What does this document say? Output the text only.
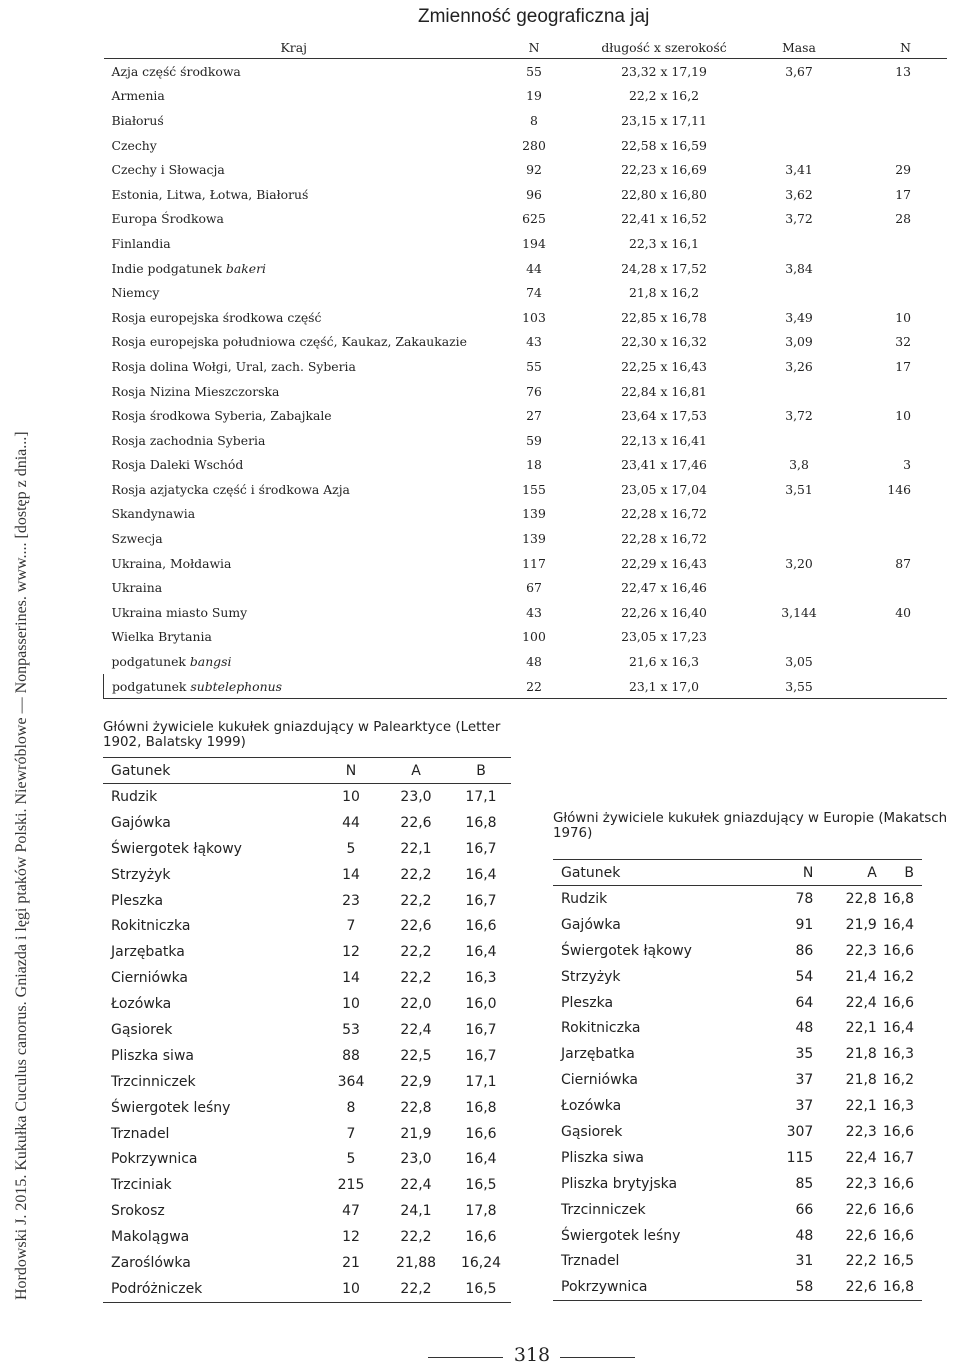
Hordowski J. 2015. Kukułka Cuculus canorus. Gniazda i lęgi ptaków Polski. Niewróblowe — Nonpasserines. www.... [dostęp z dnia...]
Zmienność geograficzna jaj
Kraj	N	długość x szerokość	Masa	N
Azja część środkowa	55	23,32 x 17,19	3,67	13
Armenia	19	22,2 x 16,2		
Białoruś	8	23,15 x 17,11		
Czechy	280	22,58 x 16,59		
Czechy i Słowacja	92	22,23 x 16,69	3,41	29
Estonia, Litwa, Łotwa, Białoruś	96	22,80 x 16,80	3,62	17
Europa Środkowa	625	22,41 x 16,52	3,72	28
Finlandia	194	22,3 x 16,1		
Indie podgatunek bakeri	44	24,28 x 17,52	3,84	
Niemcy	74	21,8 x 16,2		
Rosja europejska środkowa część	103	22,85 x 16,78	3,49	10
Rosja europejska południowa część, Kaukaz, Zakaukazie	43	22,30 x 16,32	3,09	32
Rosja dolina Wołgi, Ural, zach. Syberia	55	22,25 x 16,43	3,26	17
Rosja Nizina Mieszczorska	76	22,84 x 16,81		
Rosja środkowa Syberia, Zabajkale	27	23,64 x 17,53	3,72	10
Rosja zachodnia Syberia	59	22,13 x 16,41		
Rosja Daleki Wschód	18	23,41 x 17,46	3,8	3
Rosja azjatycka część i środkowa Azja	155	23,05 x 17,04	3,51	146
Skandynawia	139	22,28 x 16,72		
Szwecja	139	22,28 x 16,72		
Ukraina, Mołdawia	117	22,29 x 16,43	3,20	87
Ukraina	67	22,47 x 16,46		
Ukraina miasto Sumy	43	22,26 x 16,40	3,144	40
Wielka Brytania	100	23,05 x 17,23		
podgatunek bangsi	48	21,6 x 16,3	3,05	
podgatunek subtelephonus	22	23,1 x 17,0	3,55	
Główni żywiciele kukułek gniazdujący w Palearktyce (Letter 1902, Balatsky 1999)
Gatunek	N	A	B
Rudzik	10	23,0	17,1
Gajówka	44	22,6	16,8
Świergotek łąkowy	5	22,1	16,7
Strzyżyk	14	22,2	16,4
Pleszka	23	22,2	16,7
Rokitniczka	7	22,6	16,6
Jarzębatka	12	22,2	16,4
Cierniówka	14	22,2	16,3
Łozówka	10	22,0	16,0
Gąsiorek	53	22,4	16,7
Pliszka siwa	88	22,5	16,7
Trzcinniczek	364	22,9	17,1
Świergotek leśny	8	22,8	16,8
Trznadel	7	21,9	16,6
Pokrzywnica	5	23,0	16,4
Trzciniak	215	22,4	16,5
Srokosz	47	24,1	17,8
Makolągwa	12	22,2	16,6
Zaroślówka	21	21,88	16,24
Podróżniczek	10	22,2	16,5
Główni żywiciele kukułek gniazdujący w Europie (Makatsch 1976)
Gatunek	N	A	B
Rudzik	78	22,8	16,8
Gajówka	91	21,9	16,4
Świergotek łąkowy	86	22,3	16,6
Strzyżyk	54	21,4	16,2
Pleszka	64	22,4	16,6
Rokitniczka	48	22,1	16,4
Jarzębatka	35	21,8	16,3
Cierniówka	37	21,8	16,2
Łozówka	37	22,1	16,3
Gąsiorek	307	22,3	16,6
Pliszka siwa	115	22,4	16,7
Pliszka brytyjska	85	22,3	16,6
Trzcinniczek	66	22,6	16,6
Świergotek leśny	48	22,6	16,6
Trznadel	31	22,2	16,5
Pokrzywnica	58	22,6	16,8
318
